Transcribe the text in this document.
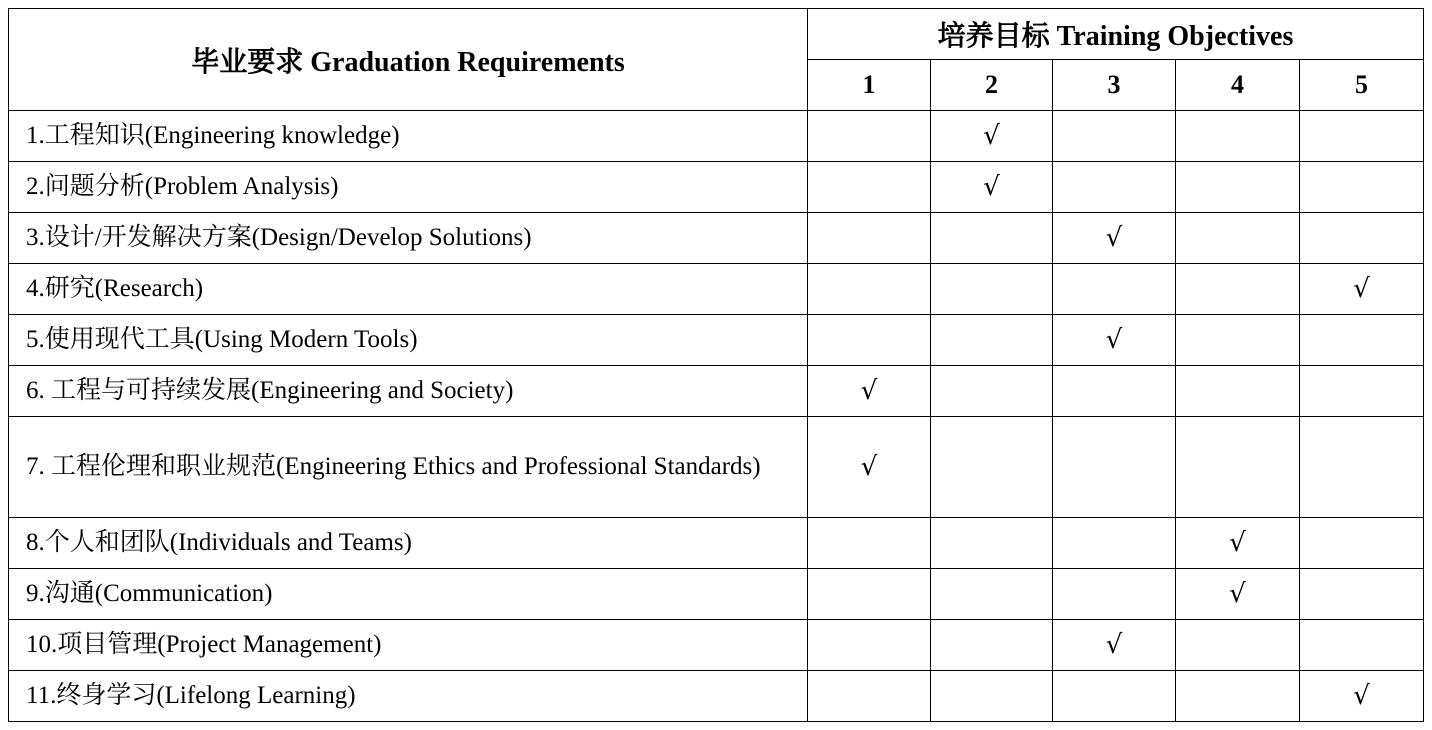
毕业要求 Graduation Requirements	培养目标 Training Objectives				
	1	2	3	4	5

1.工程知识(Engineering knowledge)		√			

2.问题分析(Problem Analysis)		√			

3.设计/开发解决方案(Design/Develop Solutions)			√		

4.研究(Research)					√

5.使用现代工具(Using Modern Tools)			√		

6. 工程与可持续发展(Engineering and Society)	√				

7. 工程伦理和职业规范(Engineering Ethics and Professional Standards)	√				

8.个人和团队(Individuals and Teams)				√	

9.沟通(Communication)				√	

10.项目管理(Project Management)			√		

11.终身学习(Lifelong Learning)					√
